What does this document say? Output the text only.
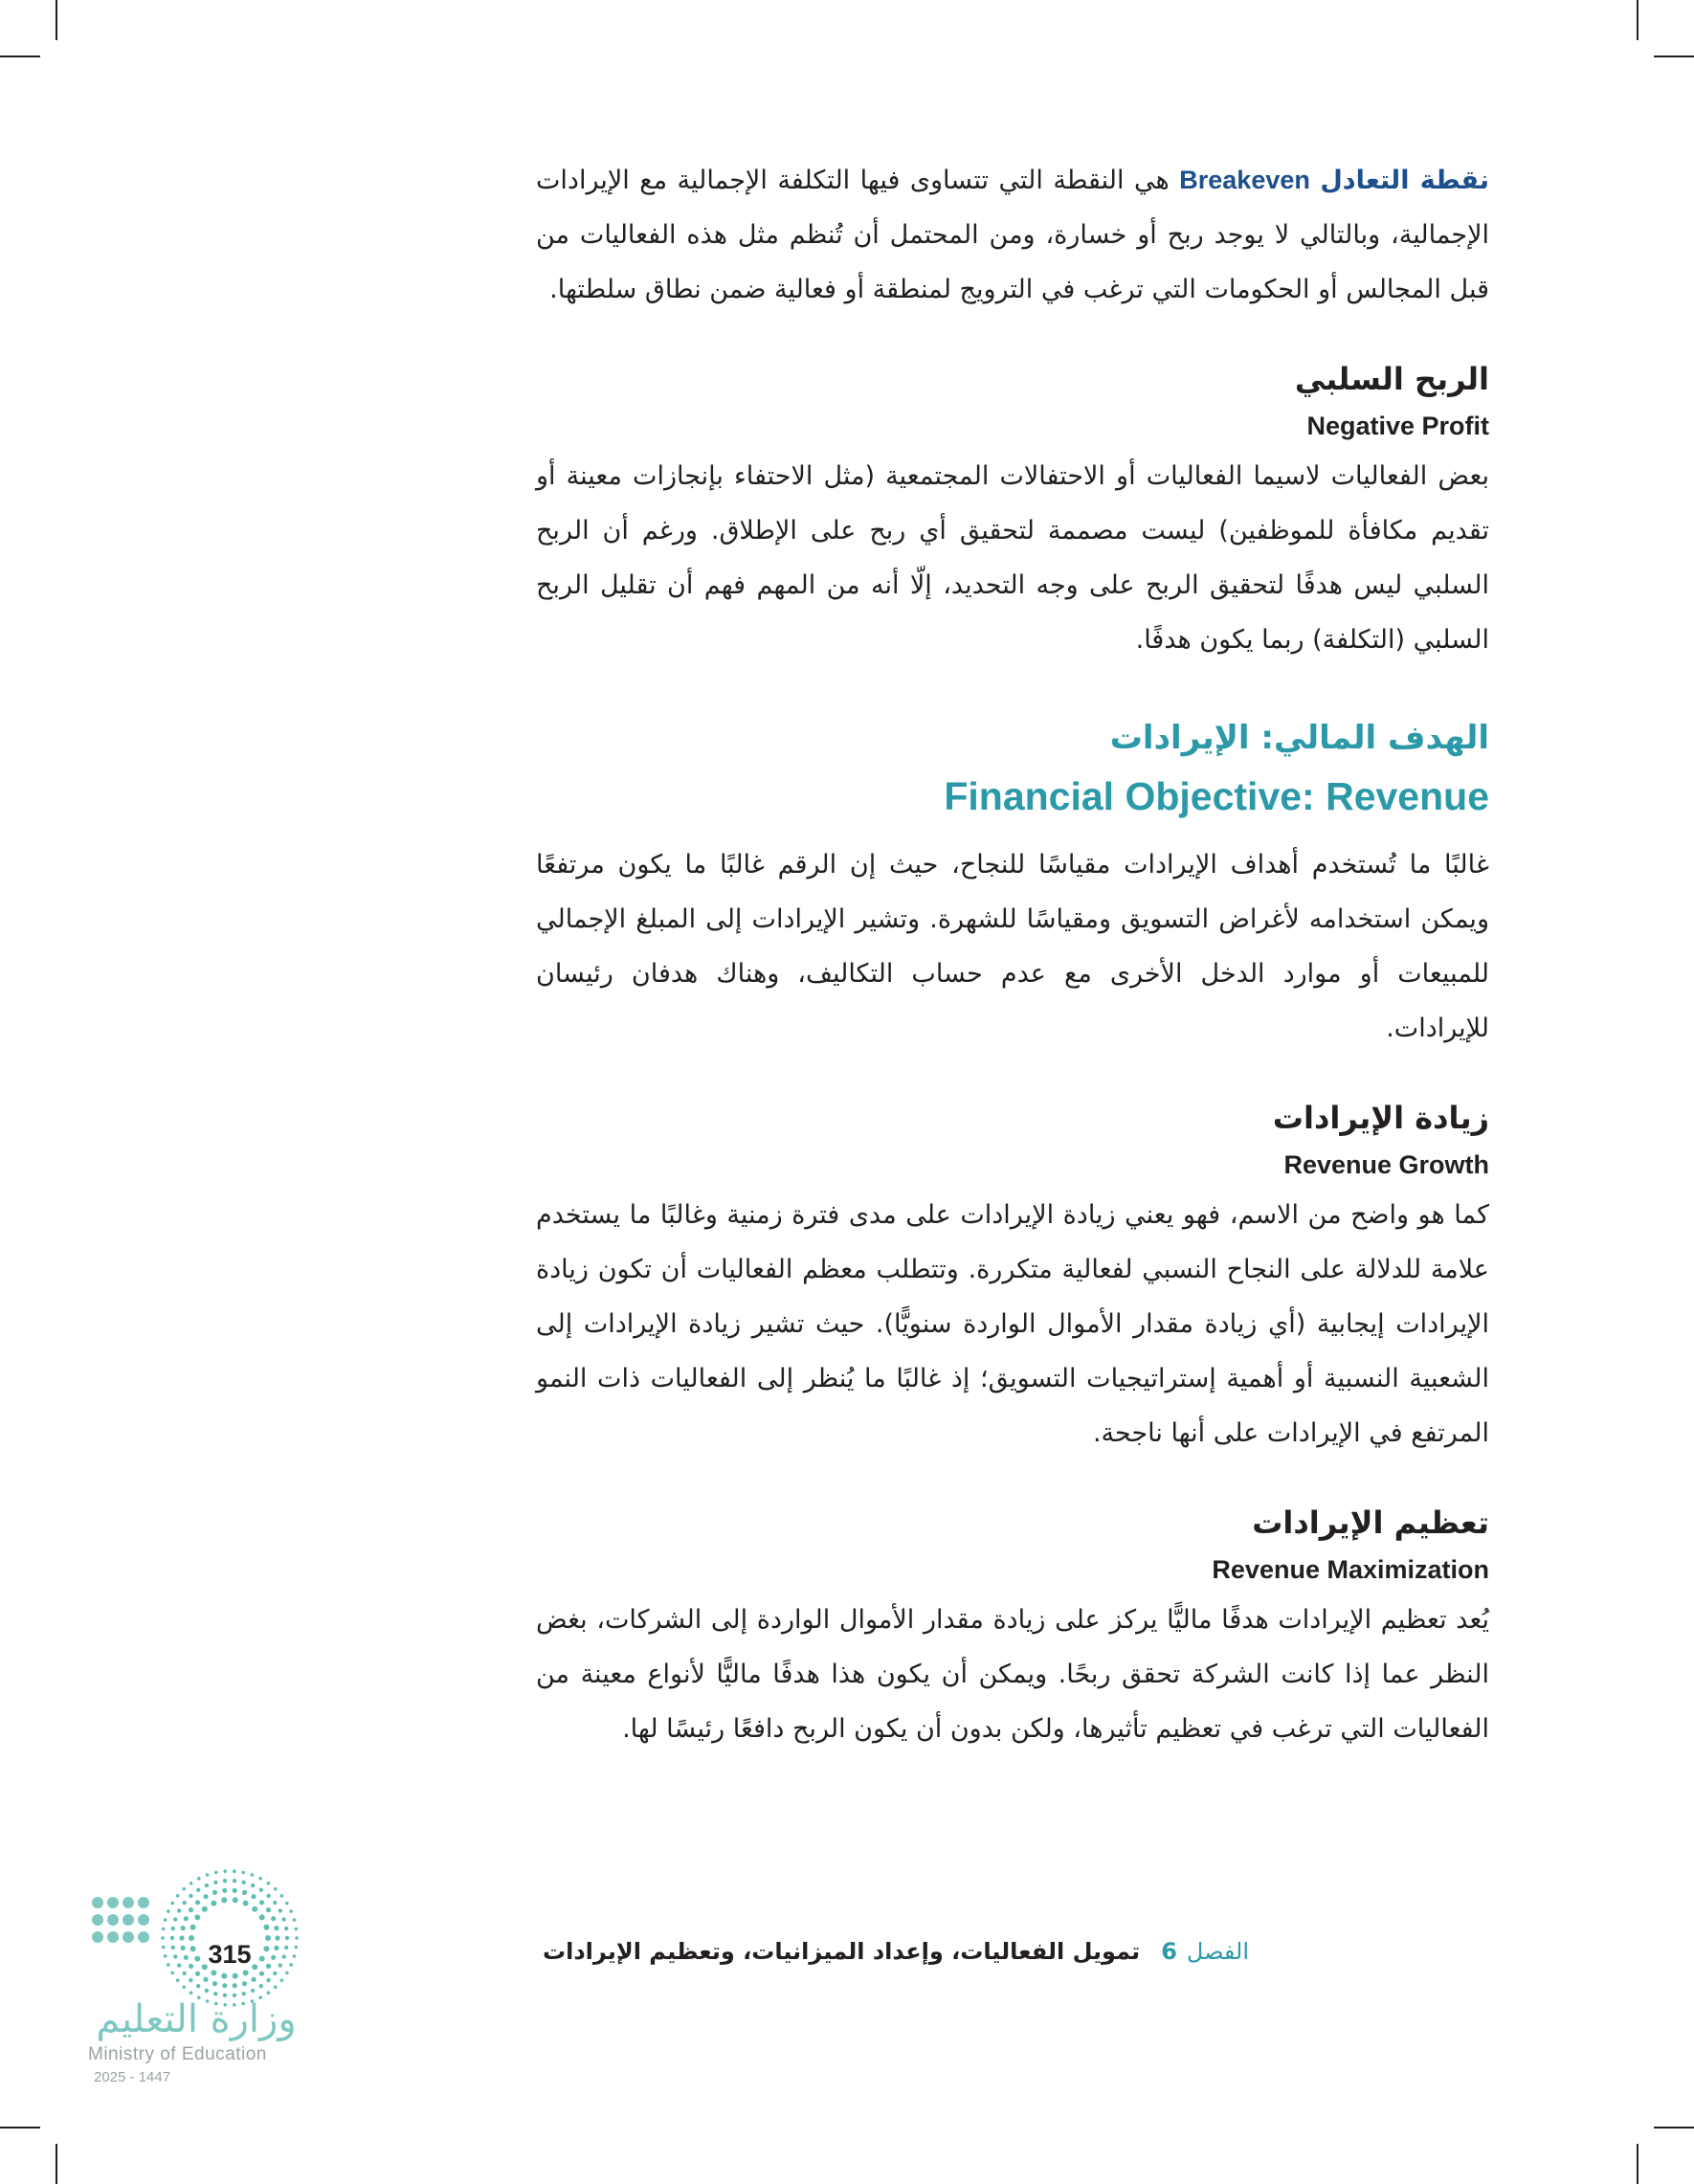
نقطة التعادل Breakeven هي النقطة التي تتساوى فيها التكلفة الإجمالية مع الإيرادات الإجمالية، وبالتالي لا يوجد ربح أو خسارة، ومن المحتمل أن تُنظم مثل هذه الفعاليات من قبل المجالس أو الحكومات التي ترغب في الترويج لمنطقة أو فعالية ضمن نطاق سلطتها.

الربح السلبي
Negative Profit

بعض الفعاليات لاسيما الفعاليات أو الاحتفالات المجتمعية (مثل الاحتفاء بإنجازات معينة أو تقديم مكافأة للموظفين) ليست مصممة لتحقيق أي ربح على الإطلاق. ورغم أن الربح السلبي ليس هدفًا لتحقيق الربح على وجه التحديد، إلّا أنه من المهم فهم أن تقليل الربح السلبي (التكلفة) ربما يكون هدفًا.

الهدف المالي: الإيرادات
Financial Objective: Revenue

غالبًا ما تُستخدم أهداف الإيرادات مقياسًا للنجاح، حيث إن الرقم غالبًا ما يكون مرتفعًا ويمكن استخدامه لأغراض التسويق ومقياسًا للشهرة. وتشير الإيرادات إلى المبلغ الإجمالي للمبيعات أو موارد الدخل الأخرى مع عدم حساب التكاليف، وهناك هدفان رئيسان للإيرادات.

زيادة الإيرادات
Revenue Growth

كما هو واضح من الاسم، فهو يعني زيادة الإيرادات على مدى فترة زمنية وغالبًا ما يستخدم علامة للدلالة على النجاح النسبي لفعالية متكررة. وتتطلب معظم الفعاليات أن تكون زيادة الإيرادات إيجابية (أي زيادة مقدار الأموال الواردة سنويًّا). حيث تشير زيادة الإيرادات إلى الشعبية النسبية أو أهمية إستراتيجيات التسويق؛ إذ غالبًا ما يُنظر إلى الفعاليات ذات النمو المرتفع في الإيرادات على أنها ناجحة.

تعظيم الإيرادات
Revenue Maximization

يُعد تعظيم الإيرادات هدفًا ماليًّا يركز على زيادة مقدار الأموال الواردة إلى الشركات، بغض النظر عما إذا كانت الشركة تحقق ربحًا. ويمكن أن يكون هذا هدفًا ماليًّا لأنواع معينة من الفعاليات التي ترغب في تعظيم تأثيرها، ولكن بدون أن يكون الربح دافعًا رئيسًا لها.

الفصل6تمويل الفعاليات، وإعداد الميزانيات، وتعظيم الإيرادات
315
وزارة التعليم
Ministry of Education
2025 - 1447
